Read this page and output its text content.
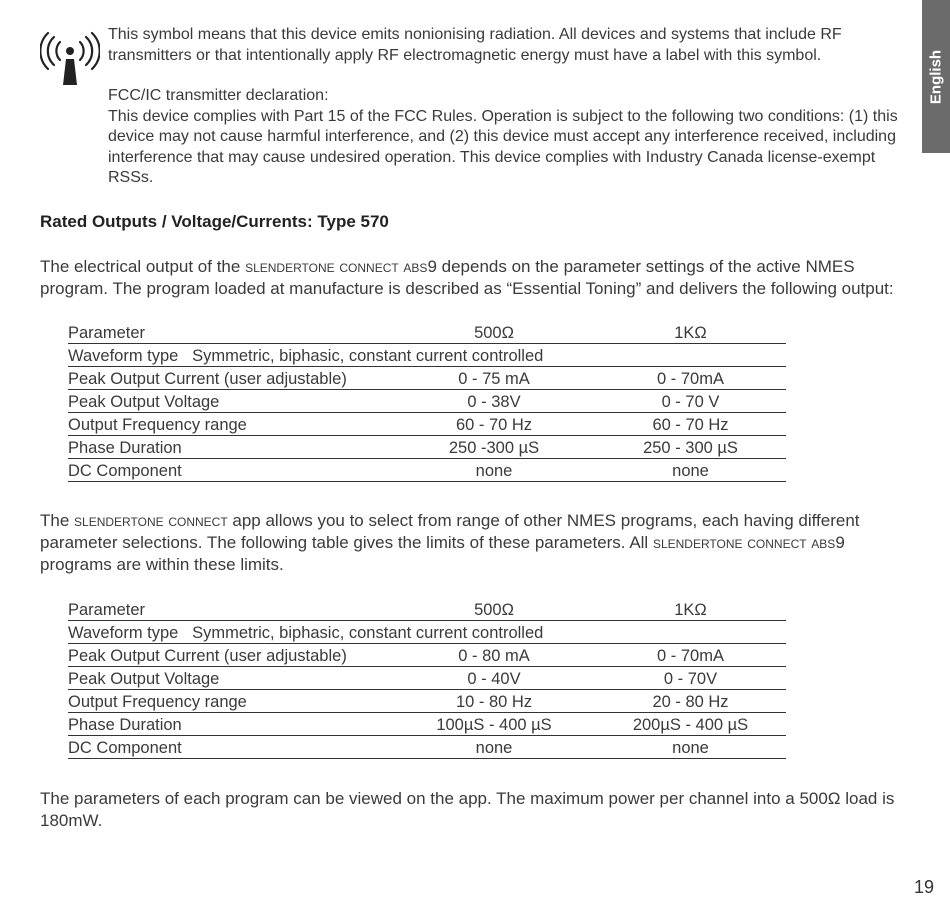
English

This symbol means that this device emits nonionising radiation. All devices and systems that include RF transmitters or that intentionally apply RF electromagnetic energy must have a label with this symbol.

FCC/IC transmitter declaration:

This device complies with Part 15 of the FCC Rules. Operation is subject to the following two conditions: (1) this device may not cause harmful interference, and (2) this device must accept any interference received, including interference that may cause undesired operation. This device complies with Industry Canada license-exempt RSSs.

Rated Outputs / Voltage/Currents: Type 570

The electrical output of the slendertone connect abs9 depends on the parameter settings of the active NMES program. The program loaded at manufacture is described as “Essential Toning” and delivers the following output:

Parameter	500Ω	1KΩ
Waveform type   Symmetric, biphasic, constant current controlled		
Peak Output Current (user adjustable)	0 - 75 mA	0 - 70mA
Peak Output Voltage	0 - 38V	0 - 70 V
Output Frequency range	60 - 70 Hz	60 - 70 Hz
Phase Duration	250 -300 µS	250 - 300 µS
DC Component	none	none

The slendertone connect app allows you to select from range of other NMES programs, each having different parameter selections. The following table gives the limits of these parameters. All slendertone connect abs9 programs are within these limits.

Parameter	500Ω	1KΩ
Waveform type   Symmetric, biphasic, constant current controlled		
Peak Output Current (user adjustable)	0 - 80 mA	0 - 70mA
Peak Output Voltage	0 - 40V	0 - 70V
Output Frequency range	10 - 80 Hz	20 - 80 Hz
Phase Duration	100µS - 400 µS	200µS - 400 µS
DC Component	none	none

The parameters of each program can be viewed on the app. The maximum power per channel into a 500Ω load is 180mW.

19
